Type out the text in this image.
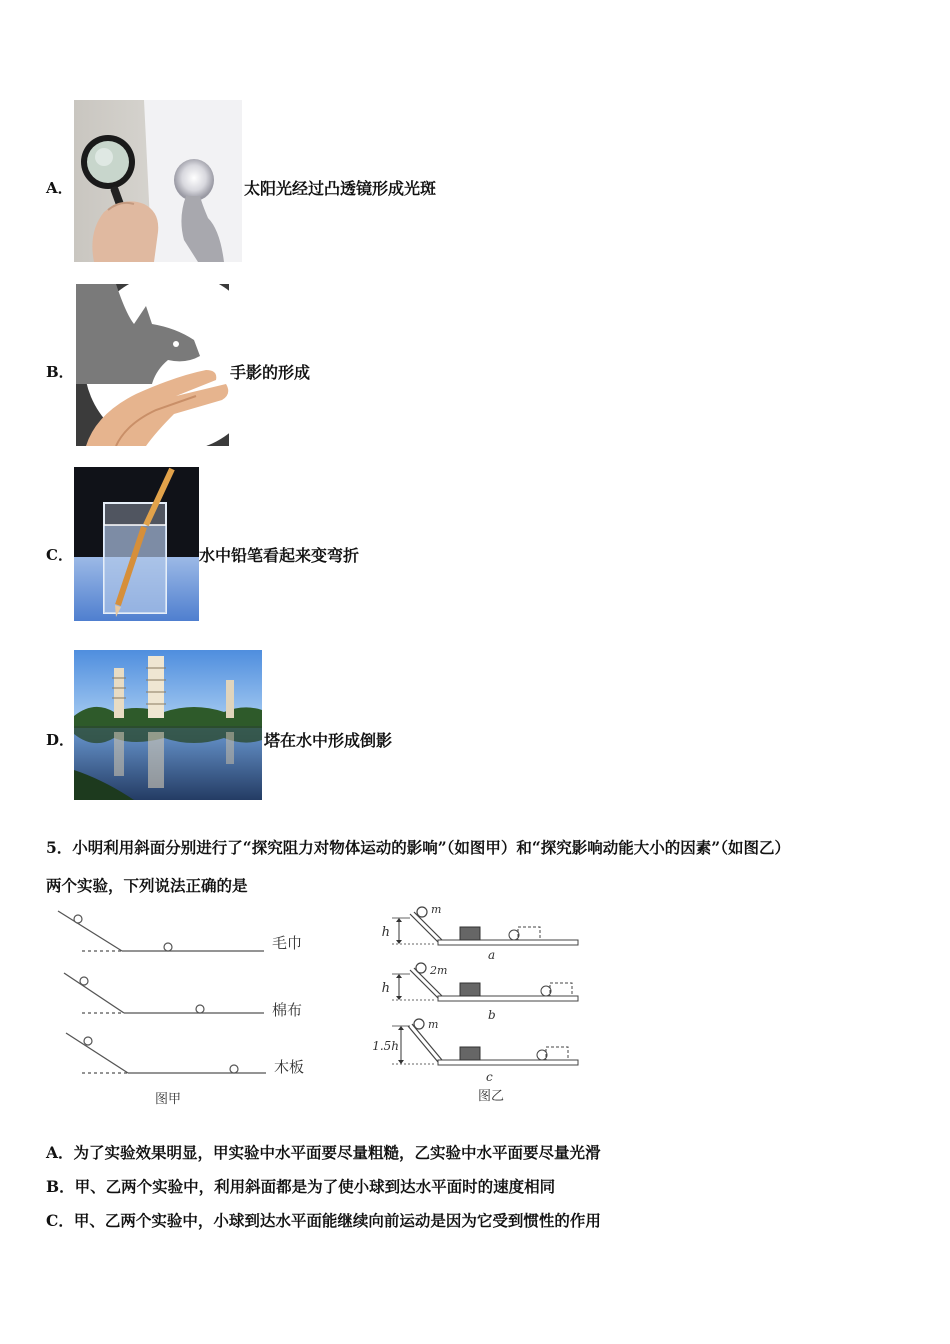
A．	太阳光经过凸透镜形成光斑
B．	手影的形成
C．	水中铅笔看起来变弯折
D．	塔在水中形成倒影
5．小明利用斜面分别进行了“探究阻力对物体运动的影响”（如图甲）和“探究影响动能大小的因素”（如图乙）
两个实验，下列说法正确的是
毛巾
棉布
木板
图甲
h
m
a
h
2m
b
1.5h
m
c
图乙
A．为了实验效果明显，甲实验中水平面要尽量粗糙，乙实验中水平面要尽量光滑
B．甲、乙两个实验中，利用斜面都是为了使小球到达水平面时的速度相同
C．甲、乙两个实验中，小球到达水平面能继续向前运动是因为它受到惯性的作用
